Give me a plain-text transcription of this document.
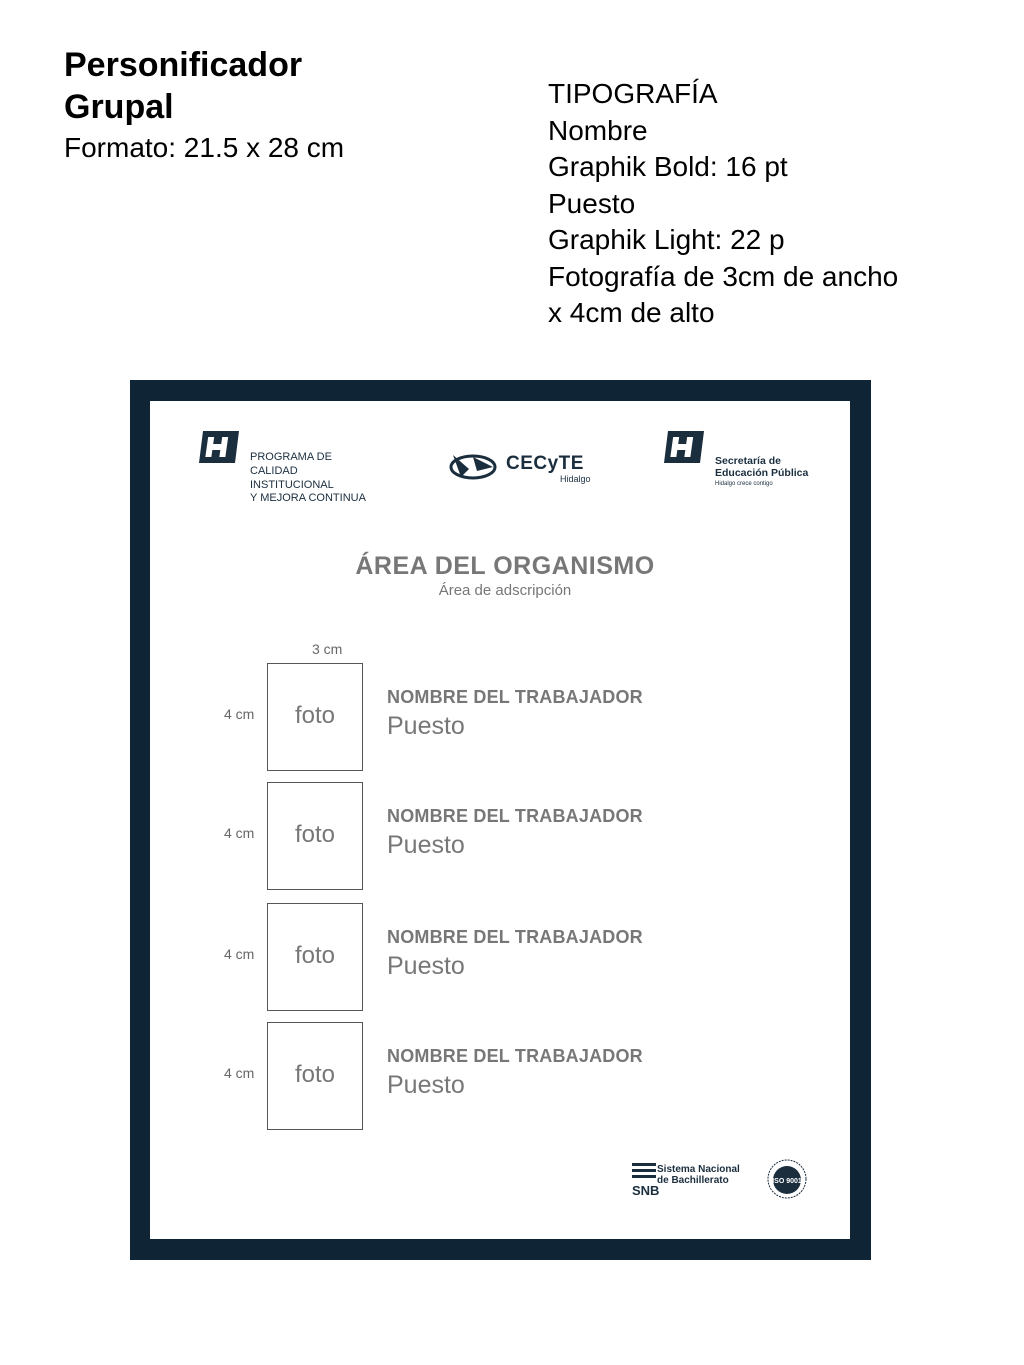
Personificador
Grupal
Formato: 21.5 x 28 cm
TIPOGRAFÍA
Nombre
Graphik Bold: 16 pt
Puesto
Graphik Light: 22 p
Fotografía de 3cm de ancho
x 4cm de alto
PROGRAMA DE
CALIDAD
INSTITUCIONAL
Y MEJORA CONTINUA
CECyTE
Hidalgo
Secretaría de
Educación Pública
Hidalgo crece contigo
ÁREA DEL ORGANISMO
Área de adscripción
3 cm
4 cm	foto
NOMBRE DEL TRABAJADOR
Puesto
4 cm	foto
NOMBRE DEL TRABAJADOR
Puesto
4 cm	foto
NOMBRE DEL TRABAJADOR
Puesto
4 cm	foto
NOMBRE DEL TRABAJADOR
Puesto
SNB
Sistema Nacional
de Bachillerato	ISO 9001
